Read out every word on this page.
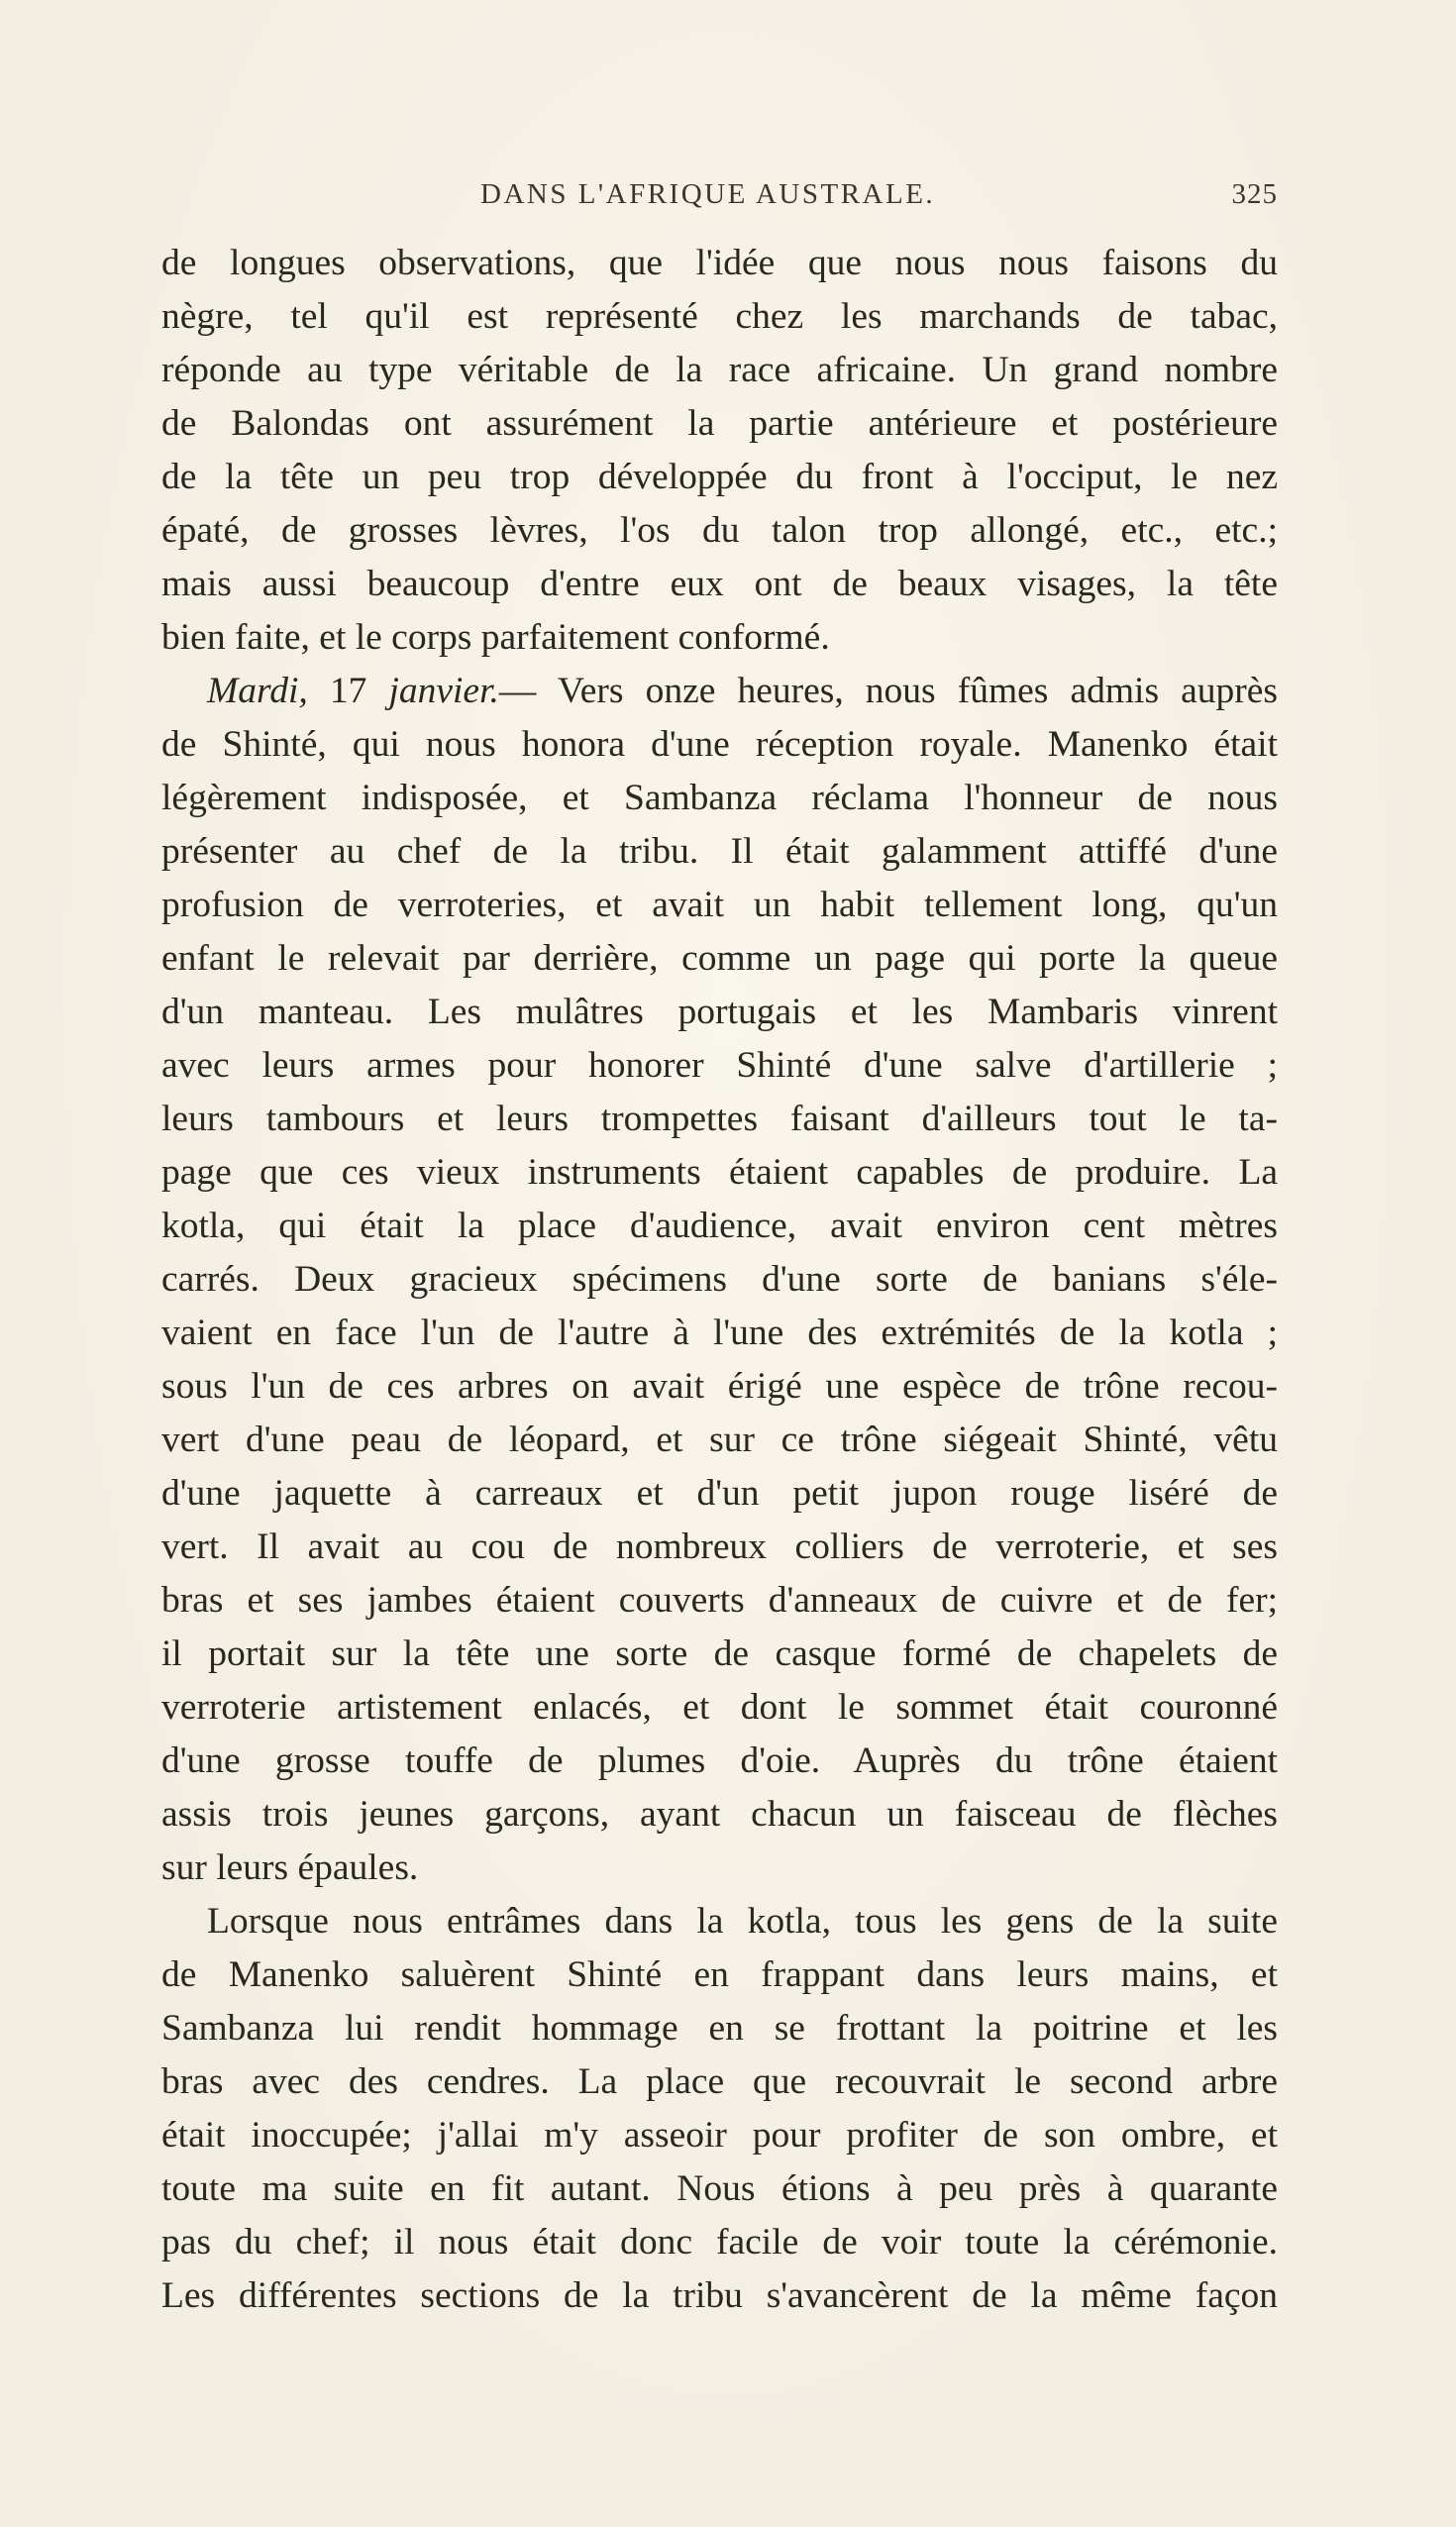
DANS L'AFRIQUE AUSTRALE.	325
de longues observations, que l'idée que nous nous faisons du
nègre, tel qu'il est représenté chez les marchands de tabac,
réponde au type véritable de la race africaine. Un grand nombre
de Balondas ont assurément la partie antérieure et postérieure
de la tête un peu trop développée du front à l'occiput, le nez
épaté, de grosses lèvres, l'os du talon trop allongé, etc., etc.;
mais aussi beaucoup d'entre eux ont de beaux visages, la tête
bien faite, et le corps parfaitement conformé.
Mardi, 17 janvier.— Vers onze heures, nous fûmes admis auprès
de Shinté, qui nous honora d'une réception royale. Manenko était
légèrement indisposée, et Sambanza réclama l'honneur de nous
présenter au chef de la tribu. Il était galamment attiffé d'une
profusion de verroteries, et avait un habit tellement long, qu'un
enfant le relevait par derrière, comme un page qui porte la queue
d'un manteau. Les mulâtres portugais et les Mambaris vinrent
avec leurs armes pour honorer Shinté d'une salve d'artillerie ;
leurs tambours et leurs trompettes faisant d'ailleurs tout le ta-
page que ces vieux instruments étaient capables de produire. La
kotla, qui était la place d'audience, avait environ cent mètres
carrés. Deux gracieux spécimens d'une sorte de banians s'éle-
vaient en face l'un de l'autre à l'une des extrémités de la kotla ;
sous l'un de ces arbres on avait érigé une espèce de trône recou-
vert d'une peau de léopard, et sur ce trône siégeait Shinté, vêtu
d'une jaquette à carreaux et d'un petit jupon rouge liséré de
vert. Il avait au cou de nombreux colliers de verroterie, et ses
bras et ses jambes étaient couverts d'anneaux de cuivre et de fer;
il portait sur la tête une sorte de casque formé de chapelets de
verroterie artistement enlacés, et dont le sommet était couronné
d'une grosse touffe de plumes d'oie. Auprès du trône étaient
assis trois jeunes garçons, ayant chacun un faisceau de flèches
sur leurs épaules.
Lorsque nous entrâmes dans la kotla, tous les gens de la suite
de Manenko saluèrent Shinté en frappant dans leurs mains, et
Sambanza lui rendit hommage en se frottant la poitrine et les
bras avec des cendres. La place que recouvrait le second arbre
était inoccupée; j'allai m'y asseoir pour profiter de son ombre, et
toute ma suite en fit autant. Nous étions à peu près à quarante
pas du chef; il nous était donc facile de voir toute la cérémonie.
Les différentes sections de la tribu s'avancèrent de la même façon
